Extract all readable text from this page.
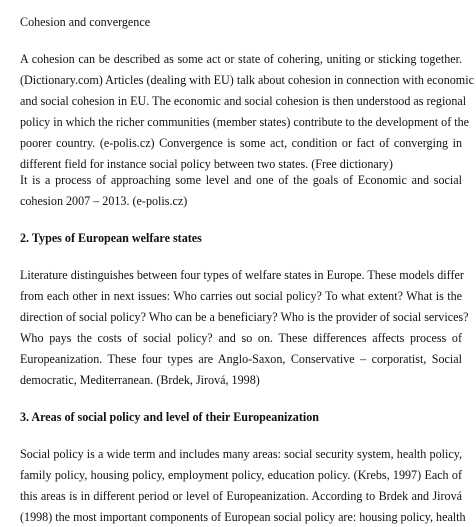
Cohesion and convergence
A cohesion can be described as some act or state of cohering, uniting or sticking together.
(Dictionary.com) Articles (dealing with EU) talk about cohesion in connection with economic
and social cohesion in EU. The economic and social cohesion is then understood as regional
policy in which the richer communities (member states) contribute to the development of the
poorer country. (e-polis.cz) Convergence is some act, condition or fact of converging in
different field for instance social policy between two states. (Free dictionary)
It is a process of approaching some level and one of the goals of Economic and social
cohesion 2007 – 2013. (e-polis.cz)
2. Types of European welfare states
Literature distinguishes between four types of welfare states in Europe. These models differ
from each other in next issues: Who carries out social policy? To what extent? What is the
direction of social policy? Who can be a beneficiary? Who is the provider of social services?
Who pays the costs of social policy? and so on. These differences affects process of
Europeanization. These four types are Anglo-Saxon, Conservative – corporatist, Social
democratic, Mediterranean. (Brdek, Jirová, 1998)
3. Areas of social policy and level of their Europeanization
Social policy is a wide term and includes many areas: social security system, health policy,
family policy, housing policy, employment policy, education policy. (Krebs, 1997) Each of
this areas is in different period or level of Europeanization. According to Brdek and Jirová
(1998) the most important components of European social policy are: housing policy, health
